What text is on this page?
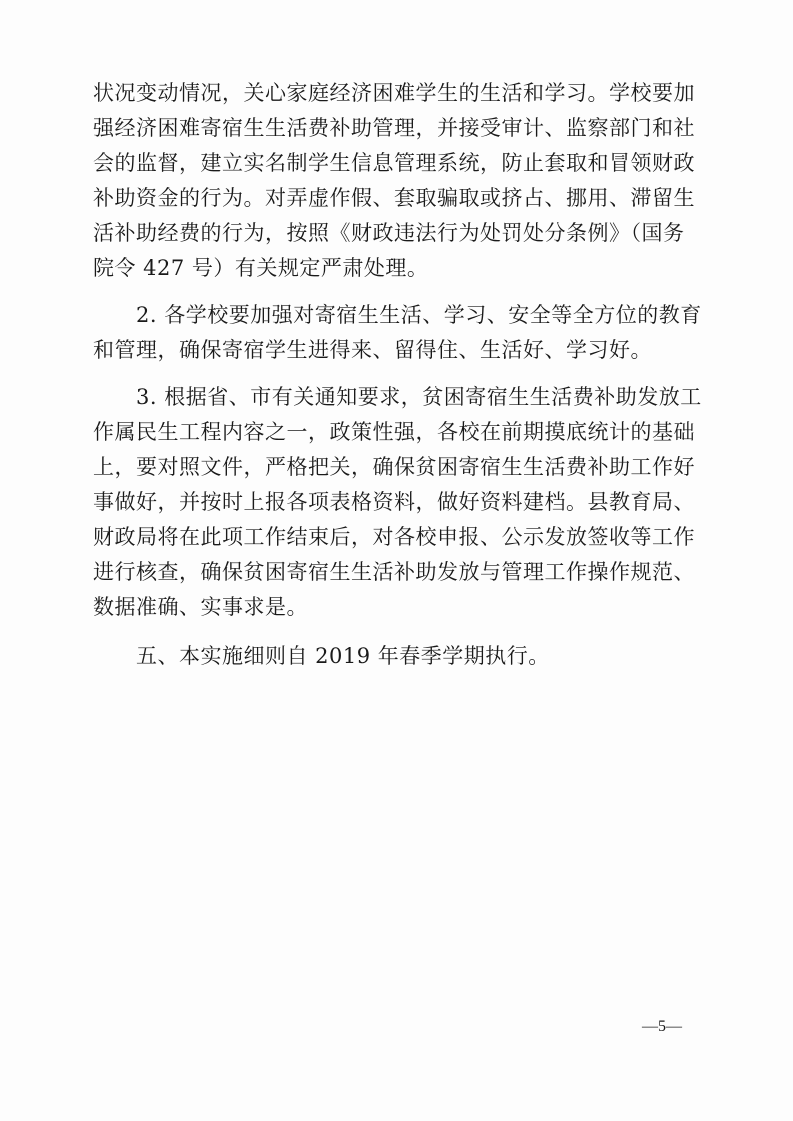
状况变动情况，关心家庭经济困难学生的生活和学习。学校要加
强经济困难寄宿生生活费补助管理，并接受审计、监察部门和社
会的监督，建立实名制学生信息管理系统，防止套取和冒领财政
补助资金的行为。对弄虚作假、套取骗取或挤占、挪用、滞留生
活补助经费的行为，按照《财政违法行为处罚处分条例》（国务
院令 427 号）有关规定严肃处理。
　　2. 各学校要加强对寄宿生生活、学习、安全等全方位的教育
和管理，确保寄宿学生进得来、留得住、生活好、学习好。
　　3. 根据省、市有关通知要求，贫困寄宿生生活费补助发放工
作属民生工程内容之一，政策性强，各校在前期摸底统计的基础
上，要对照文件，严格把关，确保贫困寄宿生生活费补助工作好
事做好，并按时上报各项表格资料，做好资料建档。县教育局、
财政局将在此项工作结束后，对各校申报、公示发放签收等工作
进行核查，确保贫困寄宿生生活补助发放与管理工作操作规范、
数据准确、实事求是。
　　五、本实施细则自 2019 年春季学期执行。
—5—
